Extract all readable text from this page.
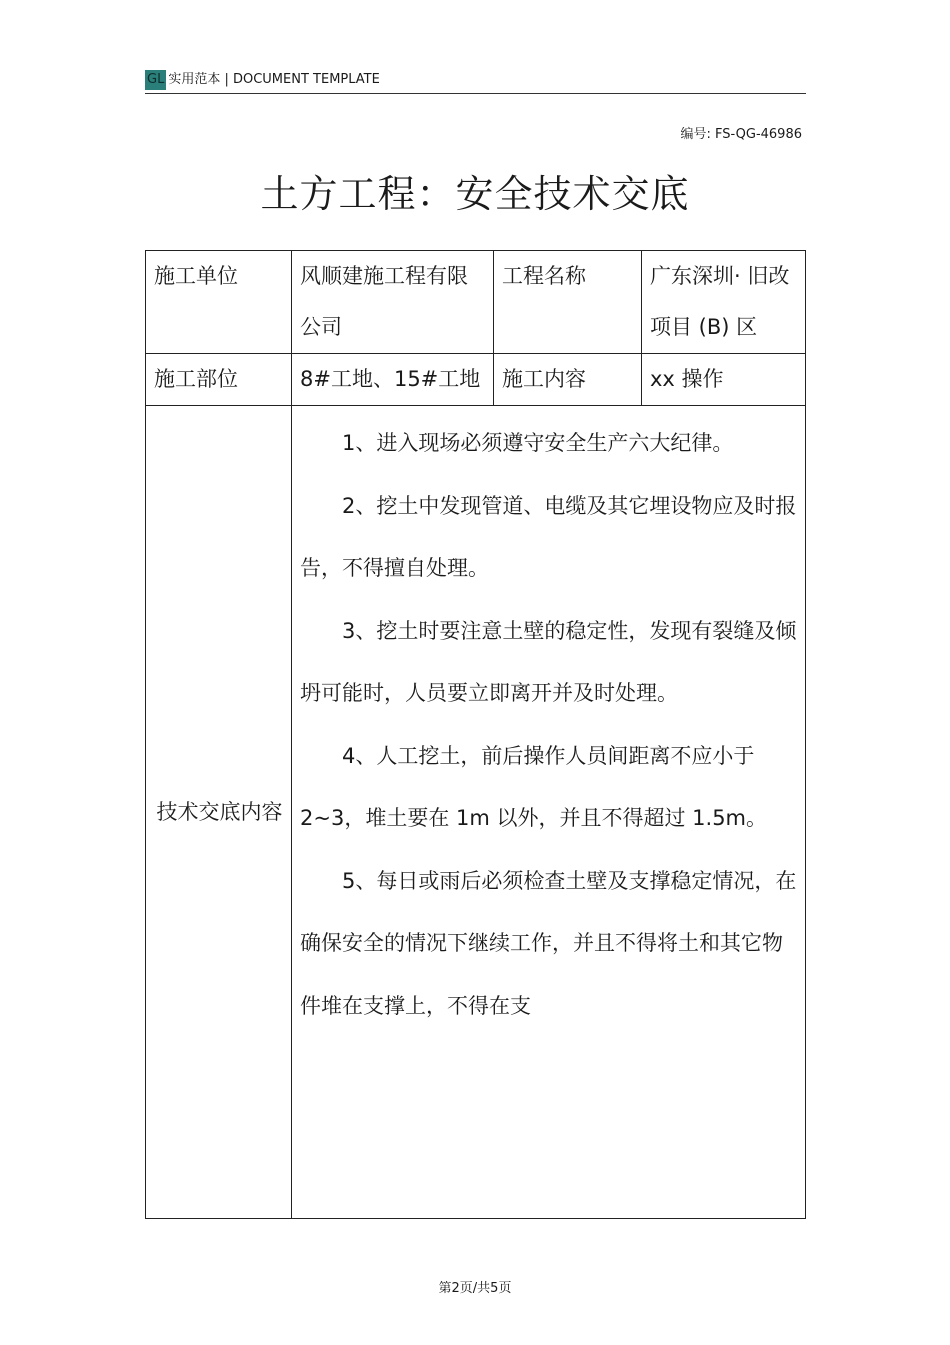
GL 实用范本 | DOCUMENT TEMPLATE
编号: FS-QG-46986
土方工程：安全技术交底
施工单位	风顺建施工程有限公司	工程名称	广东深圳· 旧改项目 (B) 区
施工部位	8#工地、15#工地	施工内容	xx 操作
技术交底内容	1、进入现场必须遵守安全生产六大纪律。

2、挖土中发现管道、电缆及其它埋设物应及时报告，不得擅自处理。

3、挖土时要注意土壁的稳定性，发现有裂缝及倾坍可能时，人员要立即离开并及时处理。

4、人工挖土，前后操作人员间距离不应小于 2~3，堆土要在 1m 以外，并且不得超过 1.5m。

5、每日或雨后必须检查土壁及支撑稳定情况，在确保安全的情况下继续工作，并且不得将土和其它物件堆在支撑上，不得在支		

第2页/共5页
